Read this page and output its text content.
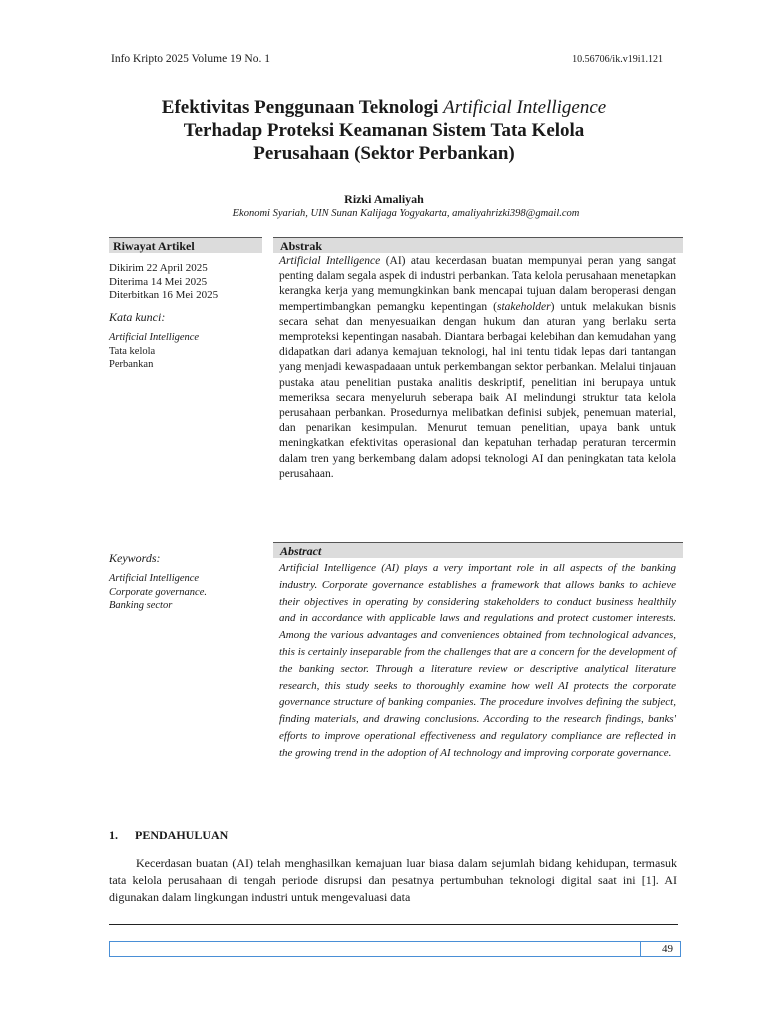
Info Kripto 2025 Volume 19 No. 1	10.56706/ik.v19i1.121
Efektivitas Penggunaan Teknologi Artificial Intelligence
Terhadap Proteksi Keamanan Sistem Tata Kelola
Perusahaan (Sektor Perbankan)
Rizki Amaliyah
Ekonomi Syariah, UIN Sunan Kalijaga Yogyakarta, amaliyahrizki398@gmail.com
Riwayat Artikel	Abstrak
Dikirim 22 April 2025
Diterima 14 Mei 2025
Diterbitkan 16 Mei 2025
Kata kunci:
Artificial Intelligence
Tata kelola
Perbankan
Artificial Intelligence (AI) atau kecerdasan buatan mempunyai peran yang sangat penting dalam segala aspek di industri perbankan. Tata kelola perusahaan menetapkan kerangka kerja yang memungkinkan bank mencapai tujuan dalam beroperasi dengan mempertimbangkan pemangku kepentingan (stakeholder) untuk melakukan bisnis secara sehat dan menyesuaikan dengan hukum dan aturan yang berlaku serta memproteksi kepentingan nasabah. Diantara berbagai kelebihan dan kemudahan yang didapatkan dari adanya kemajuan teknologi, hal ini tentu tidak lepas dari tantangan yang menjadi kewaspadaaan untuk perkembangan sektor perbankan. Melalui tinjauan pustaka atau penelitian pustaka analitis deskriptif, penelitian ini berupaya untuk memeriksa secara menyeluruh seberapa baik AI melindungi struktur tata kelola perusahaan perbankan. Prosedurnya melibatkan definisi subjek, penemuan material, dan penarikan kesimpulan. Menurut temuan penelitian, upaya bank untuk meningkatkan efektivitas operasional dan kepatuhan terhadap peraturan tercermin dalam tren yang berkembang dalam adopsi teknologi AI dan peningkatan tata kelola perusahaan.
Abstract
Keywords:
Artificial Intelligence
Corporate governance.
Banking sector
Artificial Intelligence (AI) plays a very important role in all aspects of the banking industry. Corporate governance establishes a framework that allows banks to achieve their objectives in operating by considering stakeholders to conduct business healthily and in accordance with applicable laws and regulations and protect customer interests. Among the various advantages and conveniences obtained from technological advances, this is certainly inseparable from the challenges that are a concern for the development of the banking sector. Through a literature review or descriptive analytical literature research, this study seeks to thoroughly examine how well AI protects the corporate governance structure of banking companies. The procedure involves defining the subject, finding materials, and drawing conclusions. According to the research findings, banks' efforts to improve operational effectiveness and regulatory compliance are reflected in the growing trend in the adoption of AI technology and improving corporate governance.
1. PENDAHULUAN
Kecerdasan buatan (AI) telah menghasilkan kemajuan luar biasa dalam sejumlah bidang kehidupan, termasuk tata kelola perusahaan di tengah periode disrupsi dan pesatnya pertumbuhan teknologi digital saat ini [1]. AI digunakan dalam lingkungan industri untuk mengevaluasi data
49
